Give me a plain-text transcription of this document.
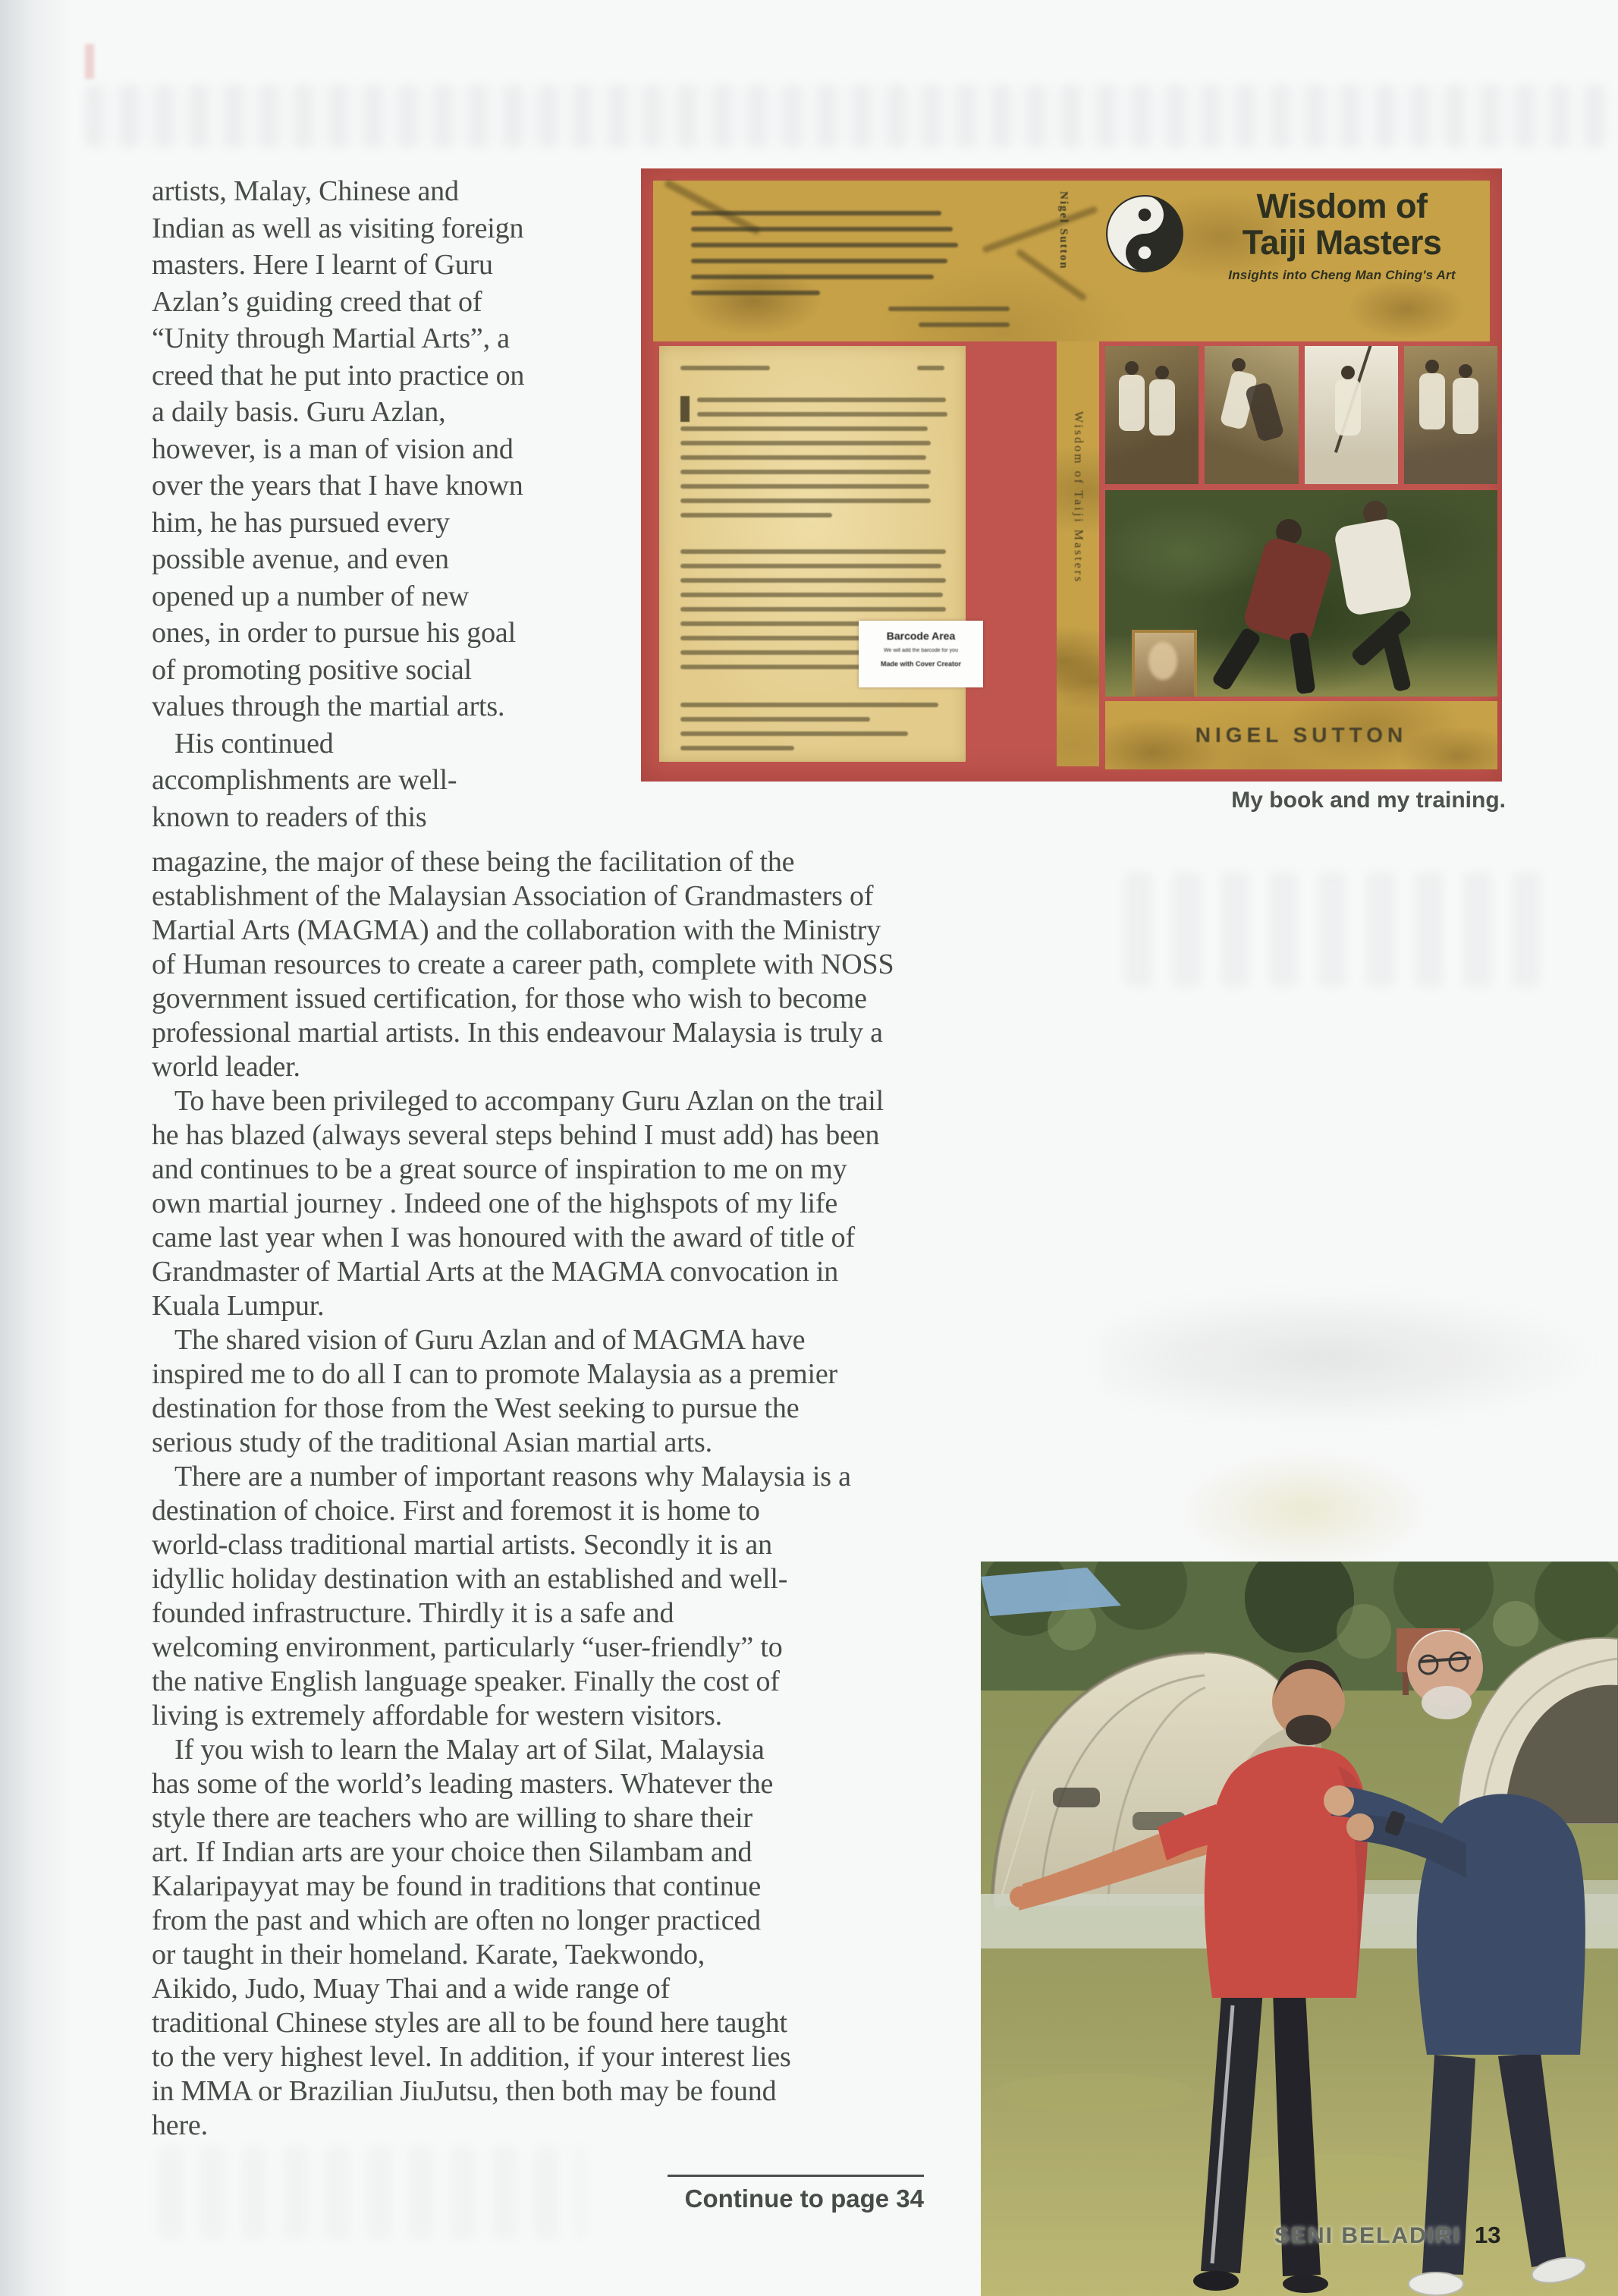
artists, Malay, Chinese and
Indian as well as visiting foreign
masters. Here I learnt of Guru
Azlan’s guiding creed that of
“Unity through Martial Arts”, a
creed that he put into practice on
a daily basis. Guru Azlan,
however, is a man of vision and
over the years that I have known
him, he has pursued every
possible avenue, and even
opened up a number of new
ones, in order to pursue his goal
of promoting positive social
values through the martial arts.
His continued
accomplishments are well-
known to readers of this
magazine, the major of these being the facilitation of the
establishment of the Malaysian Association of Grandmasters of
Martial Arts (MAGMA) and the collaboration with the Ministry
of Human resources to create a career path, complete with NOSS
government issued certification, for those who wish to become
professional martial artists. In this endeavour Malaysia is truly a
world leader.
To have been privileged to accompany Guru Azlan on the trail
he has blazed (always several steps behind I must add) has been
and continues to be a great source of inspiration to me on my
own martial journey . Indeed one of the highspots of my life
came last year when I was honoured with the award of title of
Grandmaster of Martial Arts at the MAGMA convocation in
Kuala Lumpur.
The shared vision of Guru Azlan and of MAGMA have
inspired me to do all I can to promote Malaysia as a premier
destination for those from the West seeking to pursue the
serious study of the traditional Asian martial arts.
There are a number of important reasons why Malaysia is a
destination of choice. First and foremost it is home to
world-class traditional martial artists. Secondly it is an
idyllic holiday destination with an established and well-
founded infrastructure. Thirdly it is a safe and
welcoming environment, particularly “user-friendly” to
the native English language speaker. Finally the cost of
living is extremely affordable for western visitors.
If you wish to learn the Malay art of Silat, Malaysia
has some of the world’s leading masters. Whatever the
style there are teachers who are willing to share their
art. If Indian arts are your choice then Silambam and
Kalaripayyat may be found in traditions that continue
from the past and which are often no longer practiced
or taught in their homeland. Karate, Taekwondo,
Aikido, Judo, Muay Thai and a wide range of
traditional Chinese styles are all to be found here taught
to the very highest level. In addition, if your interest lies
in MMA or Brazilian JiuJutsu, then both may be found
here.
Continue to page 34
Nigel Sutton	Wisdom of
Taiji Masters
Insights into Cheng Man Ching's Art
Barcode Area
We will add the barcode for you
Made with Cover Creator
Wisdom of Taiji Masters
NIGEL SUTTON
My book and my training.
SENI BELADIRI 13
